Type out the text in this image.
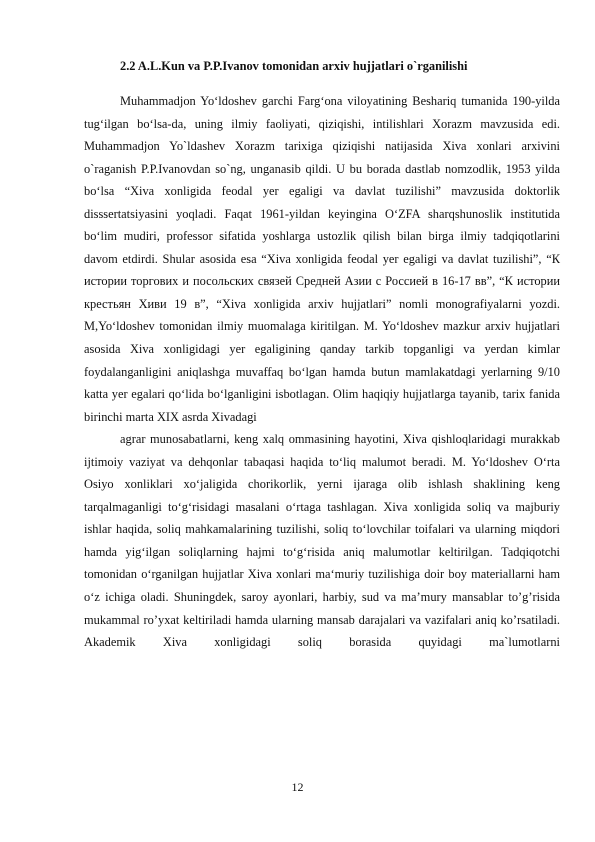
2.2 A.L.Kun va P.P.Ivanov tomonidan arxiv hujjatlari o`rganilishi

Muhammadjon Yo‘ldoshev garchi Farg‘ona viloyatining Beshariq tumanida 190-yilda tug‘ilgan bo‘lsa-da, uning ilmiy faoliyati, qiziqishi, intilishlari Xorazm mavzusida edi. Muhammadjon Yo`ldashev Xorazm tarixiga qiziqishi natijasida Xiva xonlari arxivini o`raganish P.P.Ivanovdan so`ng, unganasib qildi. U bu borada dastlab nomzodlik, 1953 yilda bo‘lsa “Xiva xonligida feodal yer egaligi va davlat tuzilishi” mavzusida doktorlik disssertatsiyasini yoqladi. Faqat 1961-yildan keyingina O‘ZFA sharqshunoslik institutida bo‘lim mudiri, professor sifatida yoshlarga ustozlik qilish bilan birga ilmiy tadqiqotlarini davom etdirdi. Shular asosida esa “Xiva xonligida feodal yer egaligi va davlat tuzilishi”, “К истории торговиx и посольских связей Средней Азии с Россией в 16-17 вв”, “К истории крестьян Хиви 19 в”, “Xiva xonligida arxiv hujjatlari” nomli monografiyalarni yozdi. M,Yo‘ldoshev tomonidan ilmiy muomalaga kiritilgan. M. Yo‘ldoshev mazkur arxiv hujjatlari asosida Xiva xonligidagi yer egaligining qanday tarkib topganligi va yerdan kimlar foydalanganligini aniqlashga muvaffaq bo‘lgan hamda butun mamlakatdagi yerlarning 9/10 katta yer egalari qo‘lida bo‘lganligini isbotlagan. Olim haqiqiy hujjatlarga tayanib, tarix fanida birinchi marta XIX asrda Xivadagi

agrar munosabatlarni, keng xalq ommasining hayotini, Xiva qishloqlaridagi murakkab ijtimoiy vaziyat va dehqonlar tabaqasi haqida to‘liq malumot beradi. M. Yo‘ldoshev O‘rta Osiyo xonliklari xo‘jaligida chorikorlik, yerni ijaraga olib ishlash shaklining keng tarqalmaganligi to‘g‘risidagi masalani o‘rtaga tashlagan. Xiva xonligida soliq va majburiy ishlar haqida, soliq mahkamalarining tuzilishi, soliq to‘lovchilar toifalari va ularning miqdori hamda yig‘ilgan soliqlarning hajmi to‘g‘risida aniq malumotlar keltirilgan. Tadqiqotchi tomonidan o‘rganilgan hujjatlar Xiva xonlari ma‘muriy tuzilishiga doir boy materiallarni ham o‘z ichiga oladi. Shuningdek, saroy ayonlari, harbiy, sud va ma’mury mansablar to’g’risida mukammal ro’yxat keltiriladi hamda ularning mansab darajalari va vazifalari aniq ko’rsatiladi. Akademik Xiva xonligidagi soliq borasida quyidagi ma`lumotlarni

12
